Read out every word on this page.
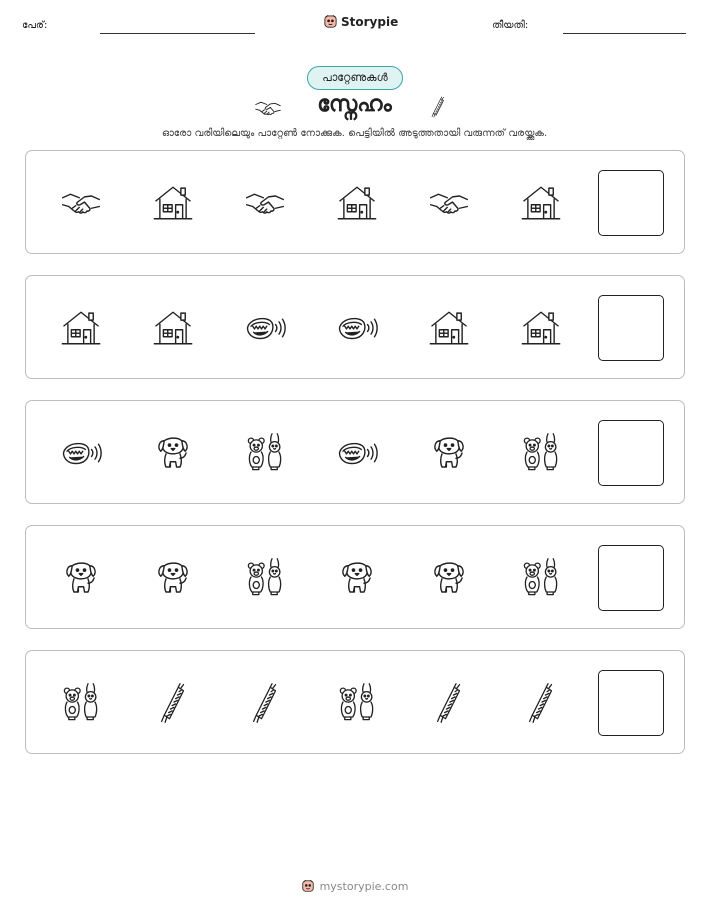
പേര്:	Storypie	തീയതി:
പാറ്റേണുകൾ
സ്നേഹം
ഓരോ വരിയിലെയും പാറ്റേൺ നോക്കുക. പെട്ടിയിൽ അടുത്തതായി വരുന്നത് വരയ്ക്കുക.
mystorypie.com
